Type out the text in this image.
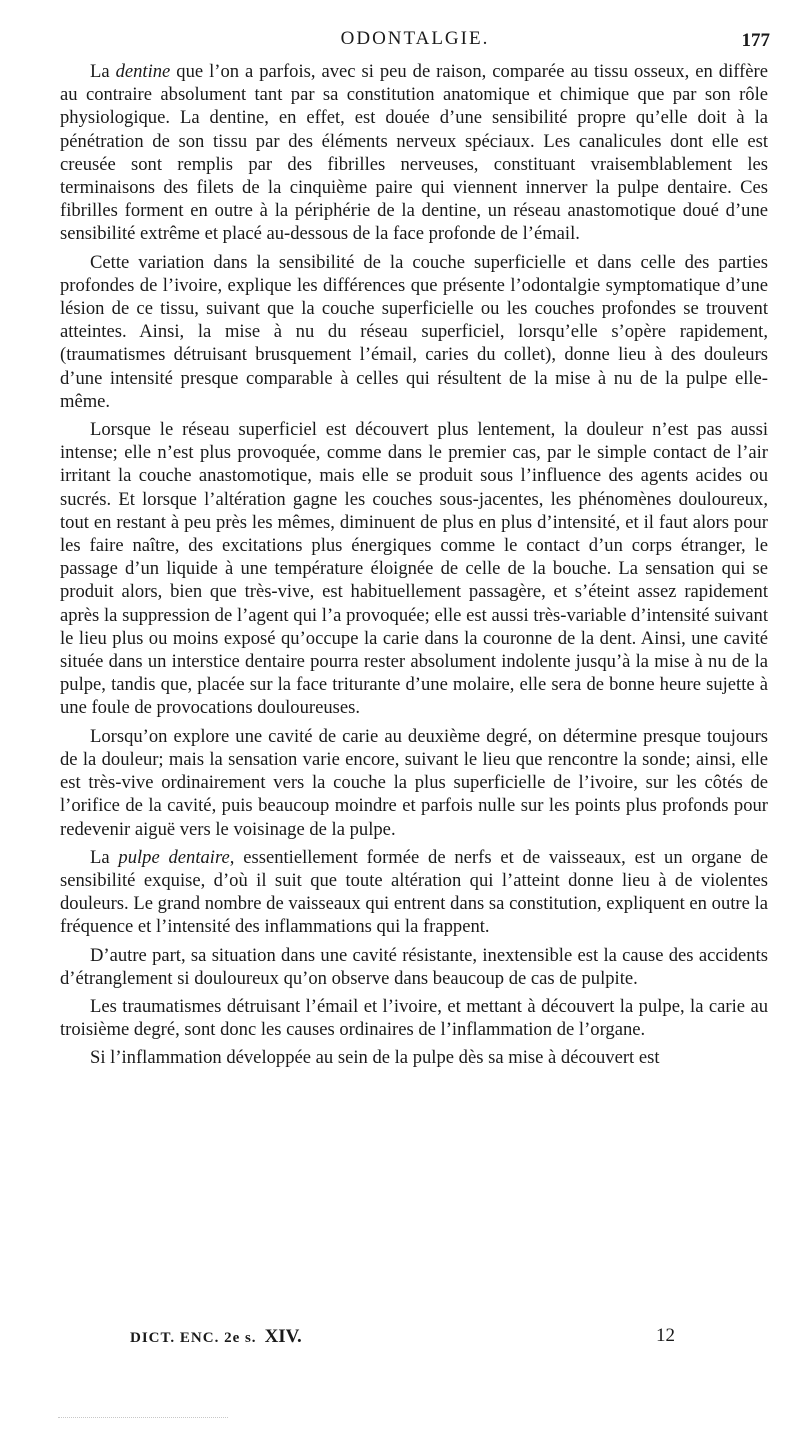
ODONTALGIE.	177

La dentine que l’on a parfois, avec si peu de raison, comparée au tissu osseux, en diffère au contraire absolument tant par sa constitution anatomique et chimique que par son rôle physiologique. La dentine, en effet, est douée d’une sensibilité propre qu’elle doit à la pénétration de son tissu par des éléments nerveux spéciaux. Les canalicules dont elle est creusée sont remplis par des fibrilles nerveuses, constituant vraisemblablement les terminaisons des filets de la cinquième paire qui viennent innerver la pulpe dentaire. Ces fibrilles forment en outre à la périphérie de la dentine, un réseau anastomotique doué d’une sensibilité extrême et placé au-dessous de la face profonde de l’émail.

Cette variation dans la sensibilité de la couche superficielle et dans celle des parties profondes de l’ivoire, explique les différences que présente l’odontalgie symptomatique d’une lésion de ce tissu, suivant que la couche superficielle ou les couches profondes se trouvent atteintes. Ainsi, la mise à nu du réseau superficiel, lorsqu’elle s’opère rapidement, (traumatismes détruisant brusquement l’émail, caries du collet), donne lieu à des douleurs d’une intensité presque comparable à celles qui résultent de la mise à nu de la pulpe elle-même.

Lorsque le réseau superficiel est découvert plus lentement, la douleur n’est pas aussi intense; elle n’est plus provoquée, comme dans le premier cas, par le simple contact de l’air irritant la couche anastomotique, mais elle se produit sous l’influence des agents acides ou sucrés. Et lorsque l’altération gagne les couches sous-jacentes, les phénomènes douloureux, tout en restant à peu près les mêmes, diminuent de plus en plus d’intensité, et il faut alors pour les faire naître, des excitations plus énergiques comme le contact d’un corps étranger, le passage d’un liquide à une température éloignée de celle de la bouche. La sensation qui se produit alors, bien que très-vive, est habituellement passagère, et s’éteint assez rapidement après la suppression de l’agent qui l’a provoquée; elle est aussi très-variable d’intensité suivant le lieu plus ou moins exposé qu’occupe la carie dans la couronne de la dent. Ainsi, une cavité située dans un interstice dentaire pourra rester absolument indolente jusqu’à la mise à nu de la pulpe, tandis que, placée sur la face triturante d’une molaire, elle sera de bonne heure sujette à une foule de provocations douloureuses.

Lorsqu’on explore une cavité de carie au deuxième degré, on détermine presque toujours de la douleur; mais la sensation varie encore, suivant le lieu que rencontre la sonde; ainsi, elle est très-vive ordinairement vers la couche la plus superficielle de l’ivoire, sur les côtés de l’orifice de la cavité, puis beaucoup moindre et parfois nulle sur les points plus profonds pour redevenir aiguë vers le voisinage de la pulpe.

La pulpe dentaire, essentiellement formée de nerfs et de vaisseaux, est un organe de sensibilité exquise, d’où il suit que toute altération qui l’atteint donne lieu à de violentes douleurs. Le grand nombre de vaisseaux qui entrent dans sa constitution, expliquent en outre la fréquence et l’intensité des inflammations qui la frappent.

D’autre part, sa situation dans une cavité résistante, inextensible est la cause des accidents d’étranglement si douloureux qu’on observe dans beaucoup de cas de pulpite.

Les traumatismes détruisant l’émail et l’ivoire, et mettant à découvert la pulpe, la carie au troisième degré, sont donc les causes ordinaires de l’inflammation de l’organe.

Si l’inflammation développée au sein de la pulpe dès sa mise à découvert est

DICT. ENC. 2e s. XIV.	12
